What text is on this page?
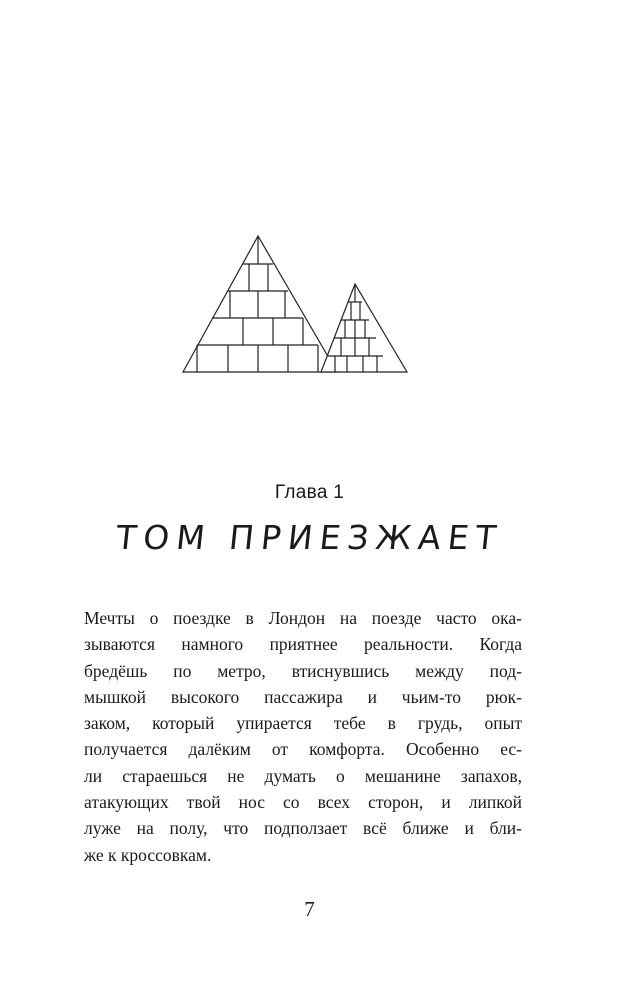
Глава 1
ТОМ ПРИЕЗЖАЕТ
Мечты о поездке в Лондон на поезде часто ока-
зываются намного приятнее реальности. Когда
бредёшь по метро, втиснувшись между под-
мышкой высокого пассажира и чьим-то рюк-
заком, который упирается тебе в грудь, опыт
получается далёким от комфорта. Особенно ес-
ли стараешься не думать о мешанине запахов,
атакующих твой нос со всех сторон, и липкой
луже на полу, что подползает всё ближе и бли-
же к кроссовкам.
7
